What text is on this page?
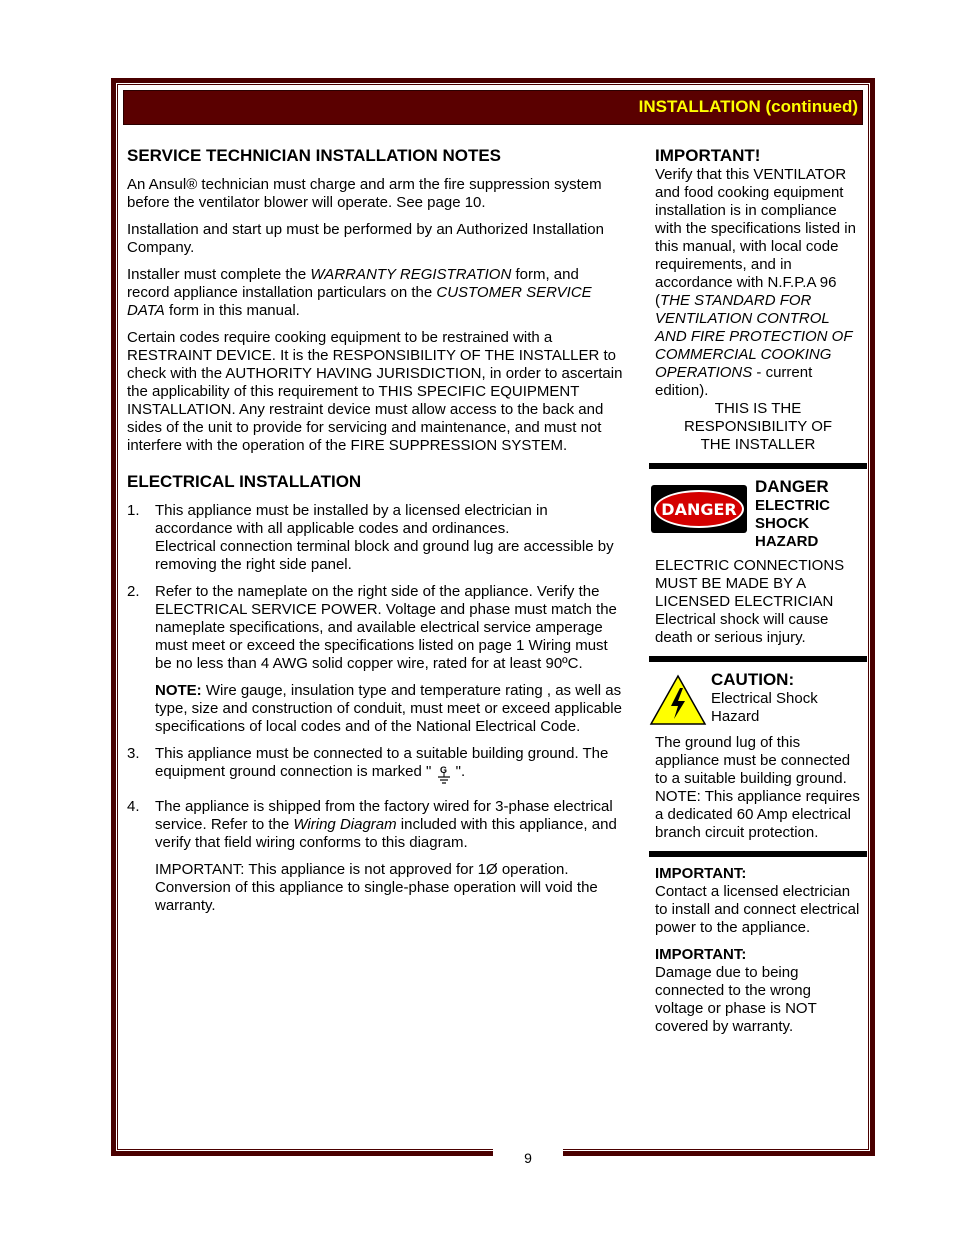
9
INSTALLATION (continued)
SERVICE TECHNICIAN INSTALLATION NOTES

An Ansul® technician must charge and arm the fire suppression system before the ventilator blower will operate. See page 10.

Installation and start up must be performed by an Authorized Installation Company.

Installer must complete the WARRANTY REGISTRATION form, and record appliance installation particulars on the CUSTOMER SERVICE DATA form in this manual.

Certain codes require cooking equipment to be restrained with a RESTRAINT DEVICE. It is the RESPONSIBILITY OF THE INSTALLER to check with the AUTHORITY HAVING JURISDICTION, in order to ascertain the applicability of this requirement to THIS SPECIFIC EQUIPMENT INSTALLATION. Any restraint device must allow access to the back and sides of the unit to provide for servicing and maintenance, and must not interfere with the operation of the FIRE SUPPRESSION SYSTEM.

ELECTRICAL INSTALLATION
1. This appliance must be installed by a licensed electrician in accordance with all applicable codes and ordinances.
Electrical connection terminal block and ground lug are accessible by removing the right side panel.
2. Refer to the nameplate on the right side of the appliance. Verify the ELECTRICAL SERVICE POWER. Voltage and phase must match the nameplate specifications, and available electrical service amperage must meet or exceed the specifications listed on page 1 Wiring must be no less than 4 AWG solid copper wire, rated for at least 90ºC.

NOTE: Wire gauge, insulation type and temperature rating , as well as type, size and construction of conduit, must meet or exceed applicable specifications of local codes and of the National Electrical Code.

3. This appliance must be connected to a suitable building ground. The equipment ground connection is marked " G ".
4. The appliance is shipped from the factory wired for 3-phase electrical service. Refer to the Wiring Diagram included with this appliance, and verify that field wiring conforms to this diagram.

IMPORTANT: This appliance is not approved for 1Ø operation. Conversion of this appliance to single-phase operation will void the warranty.

IMPORTANT!

Verify that this VENTILATOR and food cooking equipment installation is in compliance with the specifications listed in this manual, with local code requirements, and in accordance with N.F.P.A 96 (THE STANDARD FOR VENTILATION CONTROL AND FIRE PROTECTION OF COMMERCIAL COOKING OPERATIONS - current edition).

THIS IS THE RESPONSIBILITY OF THE INSTALLER

DANGER
DANGER
ELECTRIC
SHOCK
HAZARD

ELECTRIC CONNECTIONS MUST BE MADE BY A LICENSED ELECTRICIAN Electrical shock will cause death or serious injury.

CAUTION:
Electrical Shock Hazard

The ground lug of this appliance must be connected to a suitable building ground. NOTE: This appliance requires a dedicated 60 Amp electrical branch circuit protection.

IMPORTANT:
Contact a licensed electrician to install and connect electrical power to the appliance.

IMPORTANT:
Damage due to being connected to the wrong voltage or phase is NOT covered by warranty.
